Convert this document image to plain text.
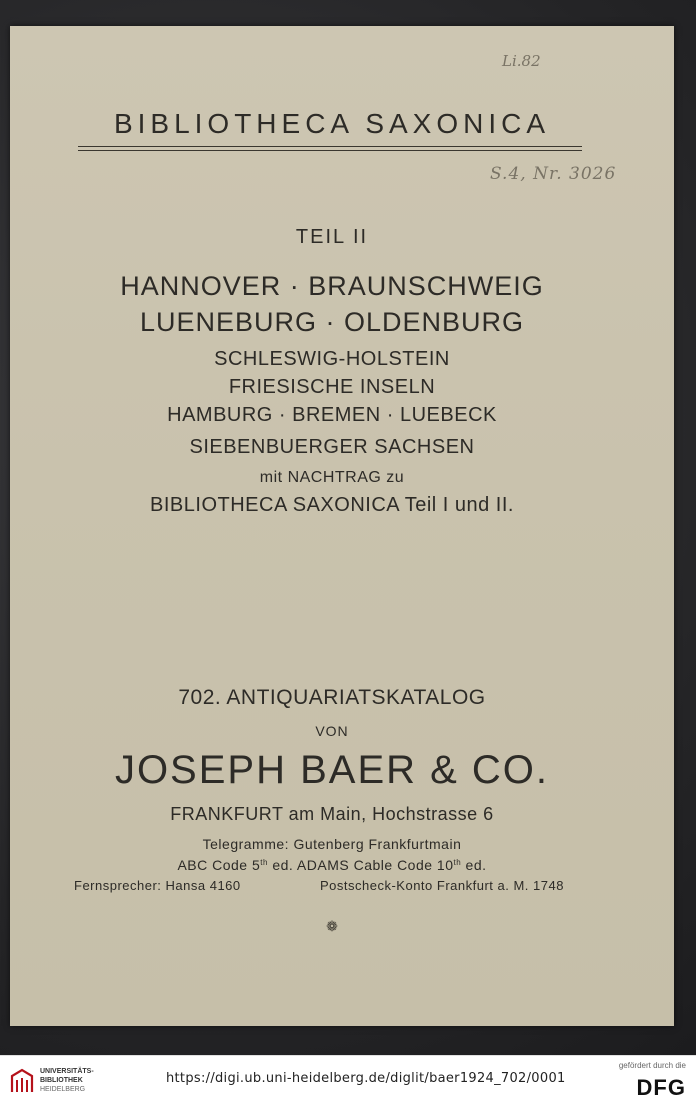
Li.82
S.4, Nr. 3026
BIBLIOTHECA SAXONICA
TEIL II
HANNOVER · BRAUNSCHWEIG
LUENEBURG · OLDENBURG
SCHLESWIG-HOLSTEIN
FRIESISCHE INSELN
HAMBURG · BREMEN · LUEBECK
SIEBENBUERGER SACHSEN
mit NACHTRAG zu
BIBLIOTHECA SAXONICA Teil I und II.
702. ANTIQUARIATSKATALOG
VON
JOSEPH BAER & CO.
FRANKFURT am Main, Hochstrasse 6
Telegramme: Gutenberg Frankfurtmain
ABC Code 5th ed. ADAMS Cable Code 10th ed.
Fernsprecher: Hansa 4160	Postscheck-Konto Frankfurt a. M. 1748
❁
UNIVERSITÄTS-
BIBLIOTHEK
HEIDELBERG
https://digi.ub.uni-heidelberg.de/diglit/baer1924_702/0001
gefördert durch die
DFG
